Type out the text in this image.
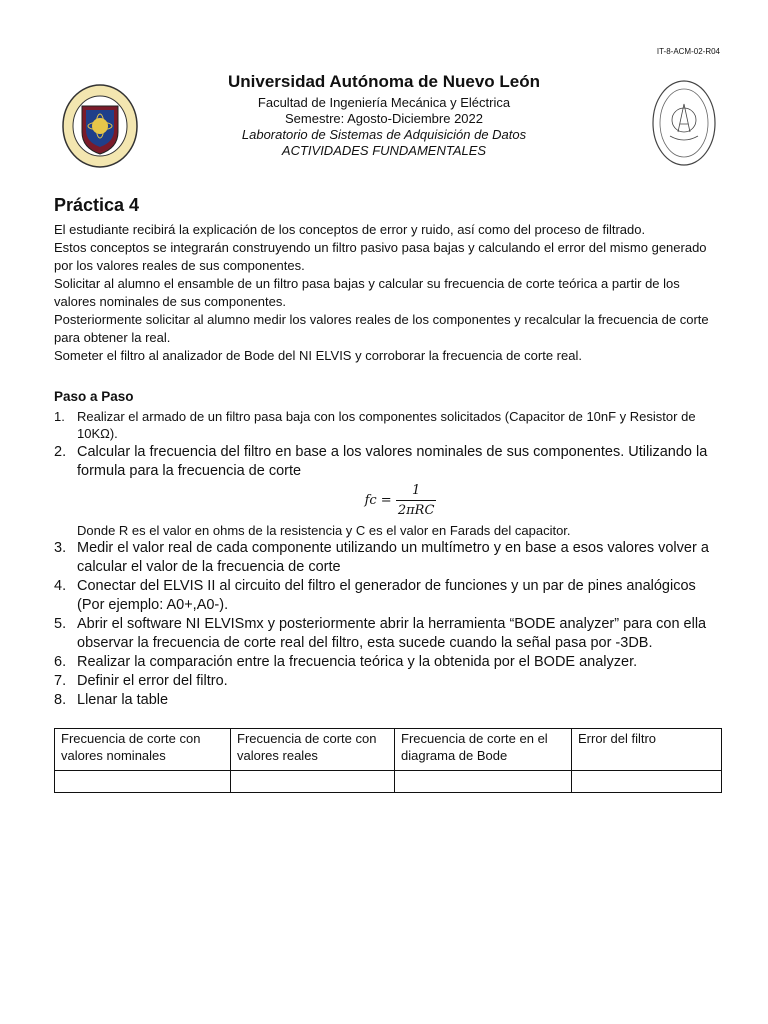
IT-8-ACM-02-R04
Universidad Autónoma de Nuevo León
Facultad de Ingeniería Mecánica y Eléctrica
Semestre: Agosto-Diciembre 2022
Laboratorio de Sistemas de Adquisición de Datos
ACTIVIDADES FUNDAMENTALES
Práctica 4

El estudiante recibirá la explicación de los conceptos de error y ruido, así como del proceso de filtrado.

Estos conceptos se integrarán construyendo un filtro pasivo pasa bajas y calculando el error del mismo generado por los valores reales de sus componentes.

Solicitar al alumno el ensamble de un filtro pasa bajas y calcular su frecuencia de corte teórica a partir de los valores nominales de sus componentes.

Posteriormente solicitar al alumno medir los valores reales de los componentes y recalcular la frecuencia de corte para obtener la real.

Someter el filtro al analizador de Bode del NI ELVIS y corroborar la frecuencia de corte real.

Paso a Paso
1. Realizar el armado de un filtro pasa baja con los componentes solicitados (Capacitor de 10nF y Resistor de 10KΩ).
2. Calcular la frecuencia del filtro en base a los valores nominales de sus componentes. Utilizando la formula para la frecuencia de corte
fc = $\frac{1}{\text{2πRC}}$
Donde R es el valor en ohms de la resistencia y C es el valor en Farads del capacitor.
3. Medir el valor real de cada componente utilizando un multímetro y en base a esos valores volver a calcular el valor de la frecuencia de corte
4. Conectar del ELVIS II al circuito del filtro el generador de funciones y un par de pines analógicos (Por ejemplo: A0+,A0-).
5. Abrir el software NI ELVISmx y posteriormente abrir la herramienta “BODE analyzer” para con ella observar la frecuencia de corte real del filtro, esta sucede cuando la señal pasa por -3DB.
6. Realizar la comparación entre la frecuencia teórica y la obtenida por el BODE analyzer.
7. Definir el error del filtro.
8. Llenar la table
Frecuencia de corte con valores nominales	Frecuencia de corte con valores reales	Frecuencia de corte en el diagrama de Bode	Error del filtro
